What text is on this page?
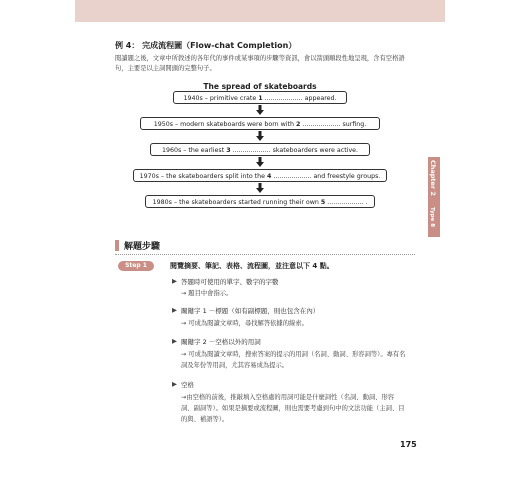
例 4： 完成流程圖（Flow-chat Completion）
閱讀題之後，文章中所敘述的各年代的事件或某事項的步驟等資訊，會以箭頭順段性地呈現，含有空格語句，主要是以主詞開頭的完整句子。
The spread of skateboards
1940s – primitive crate 1 ................... appeared.
1950s – modern skateboards were born with 2 ................... surfing.
1960s – the earliest 3 ................... skateboarders were active.
1970s – the skateboarders split into the 4 ................... and freestyle groups.
1980s – the skateboarders started running their own 5 .................. .
Chapter 2
Type 8
解題步驟
Step 1	閱覽摘要、筆記、表格、流程圖，並注意以下 4 點。
▶ 答題時可使用的單字、數字的字數
→ 題目中會指示。
▶ 關鍵字 1 －標題（如有副標題，則也包含在內）
→ 可成為閱讀文章時，尋找解答依據的線索。
▶ 關鍵字 2 －空格以外的用詞
→ 可成為閱讀文章時，搜索答案的提示的用詞（名詞、動詞、形容詞等）。專有名詞及年份等用詞，尤其容易成為提示。
▶ 空格
→由空格的前後，推敲填入空格處的用詞可能是什麼詞性（名詞、動詞、形容詞、副詞等）。如果是摘要或流程圖，則也需要考慮到句中的文法功能（主詞、目的與、補語等）。
175
